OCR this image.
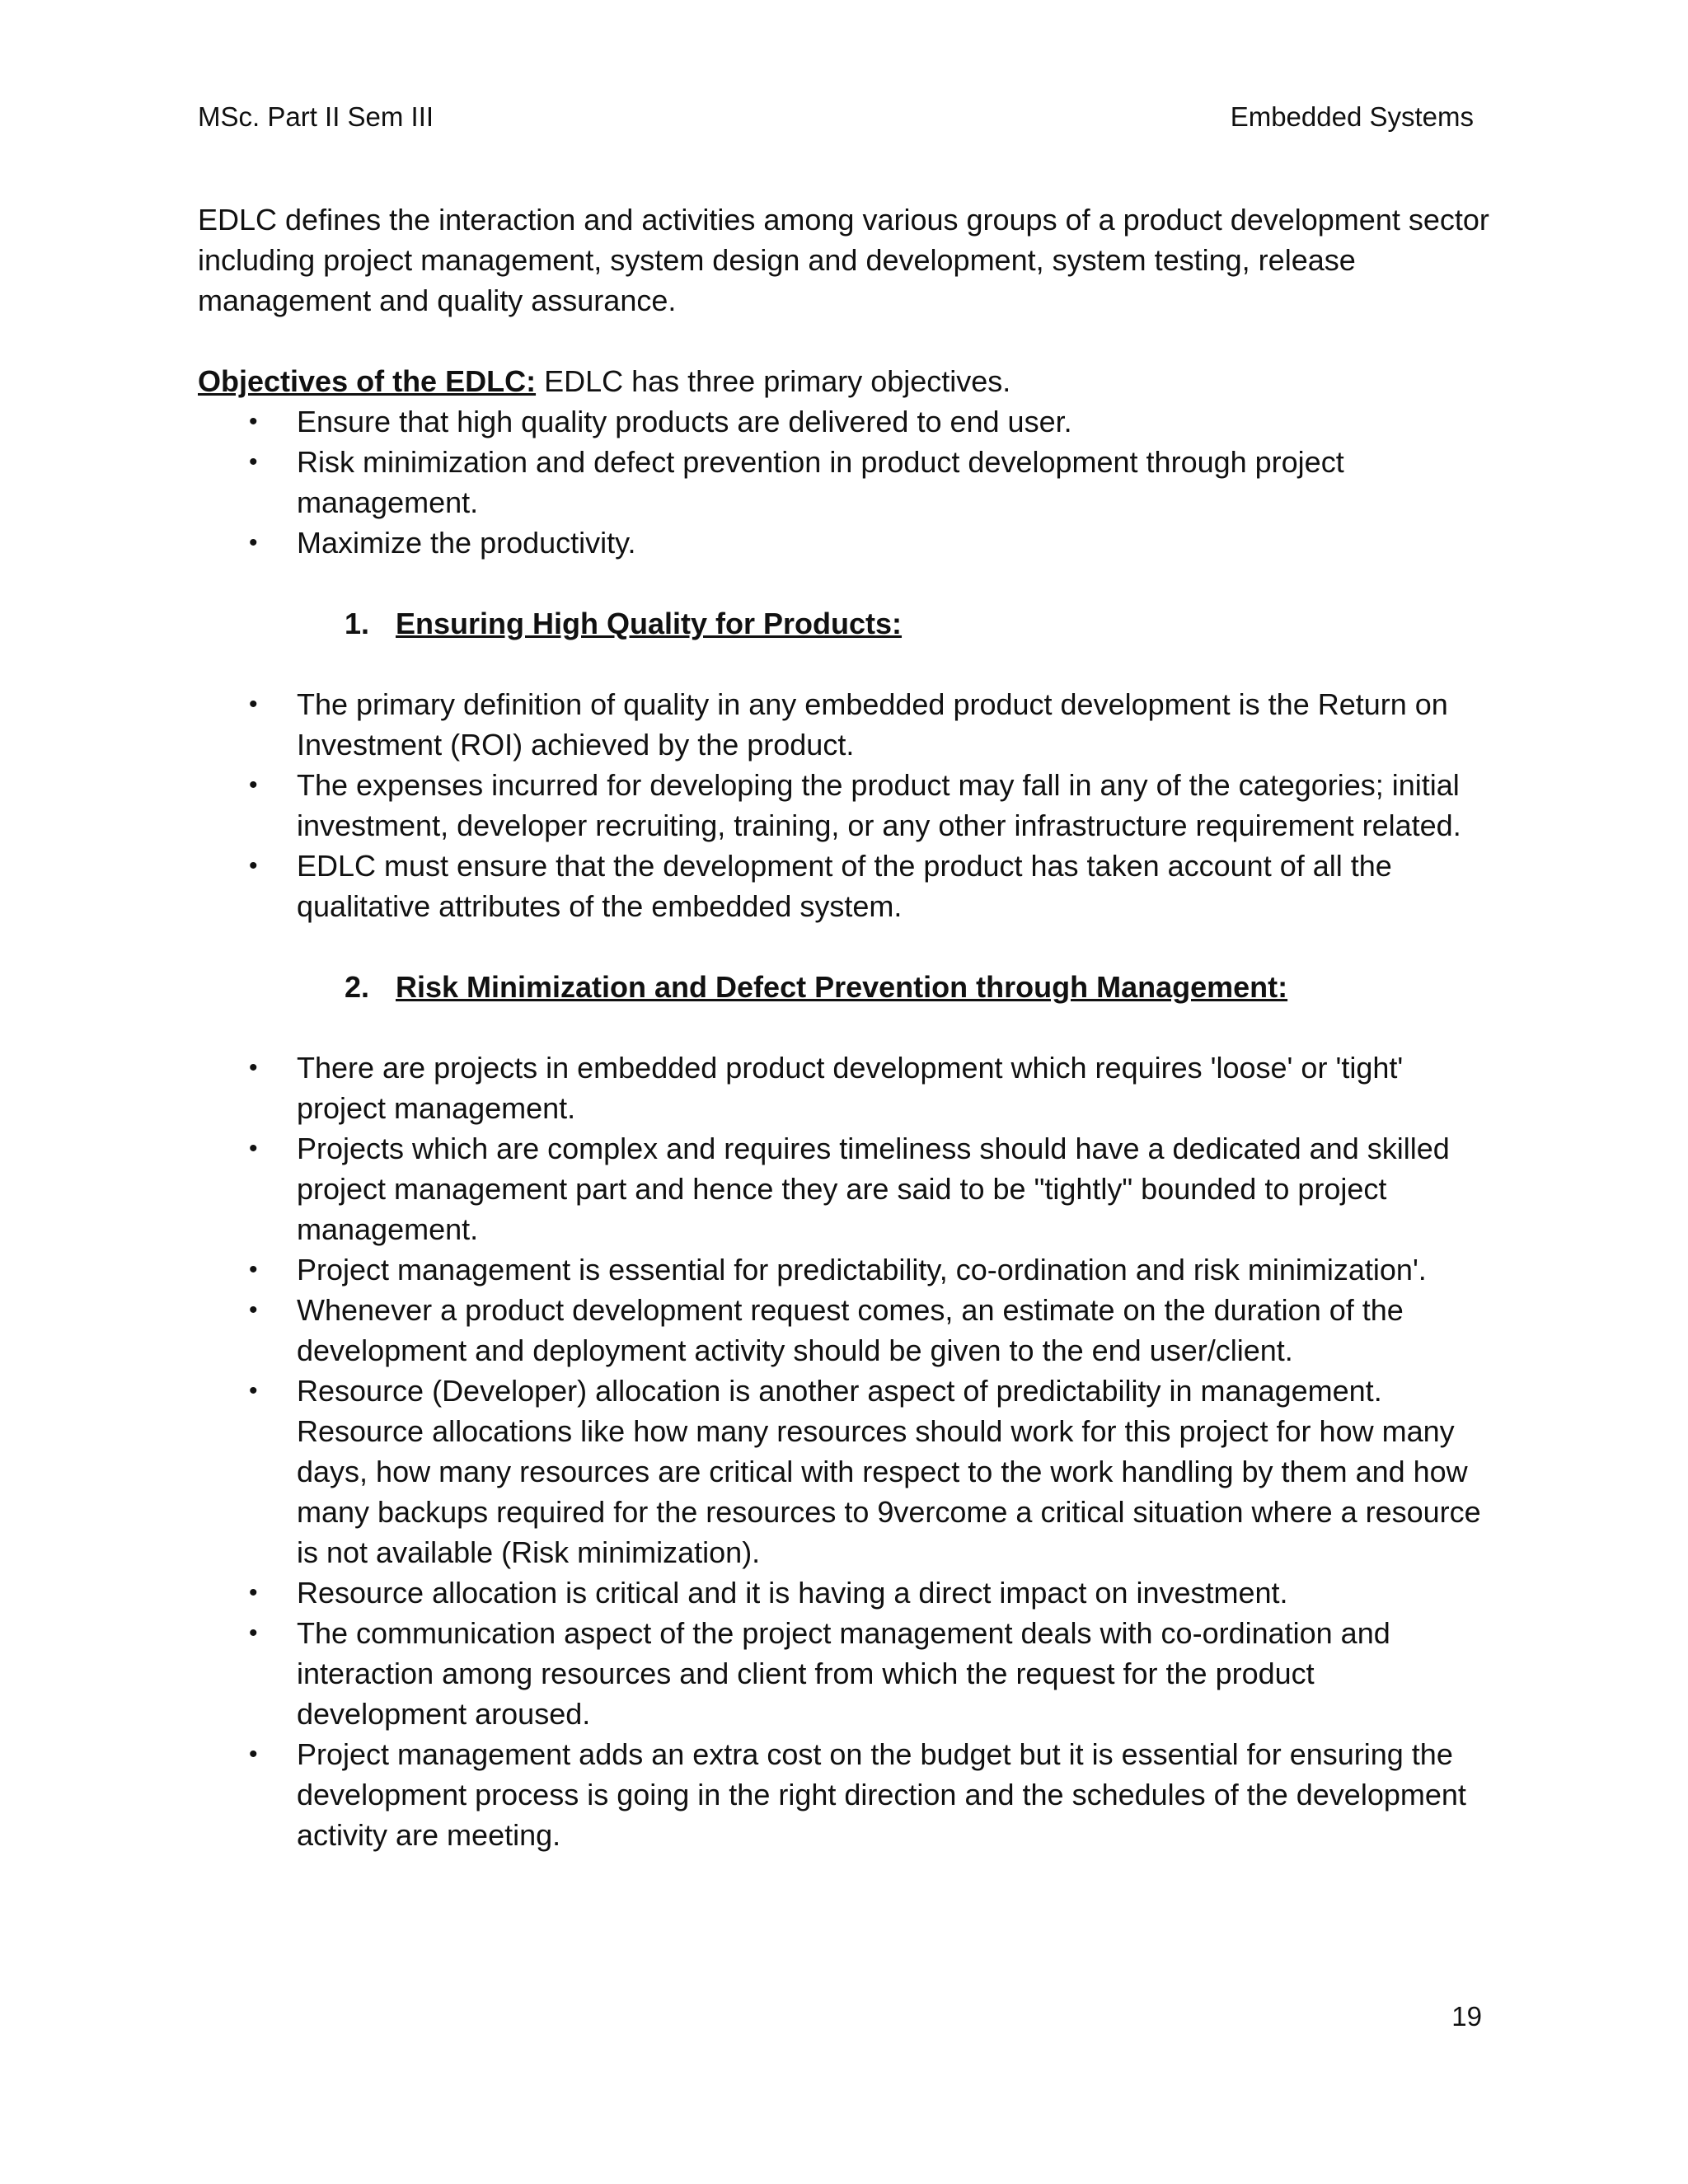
MSc. Part II Sem III	Embedded Systems

EDLC defines the interaction and activities among various groups of a product development sector including project management, system design and development, system testing, release management and quality assurance.

Objectives of the EDLC: EDLC has three primary objectives.

•	Ensure that high quality products are delivered to end user.
•	Risk minimization and defect prevention in product development through project management.
•	Maximize the productivity.

1. Ensuring High Quality for Products:

•	The primary definition of quality in any embedded product development is the Return on Investment (ROI) achieved by the product.
•	The expenses incurred for developing the product may fall in any of the categories; initial investment, developer recruiting, training, or any other infrastructure requirement related.
•	EDLC must ensure that the development of the product has taken account of all the qualitative attributes of the embedded system.

2. Risk Minimization and Defect Prevention through Management:

•	There are projects in embedded product development which requires 'loose' or 'tight' project management.
•	Projects which are complex and requires timeliness should have a dedicated and skilled project management part and hence they are said to be "tightly" bounded to project management.
•	Project management is essential for predictability, co-ordination and risk minimization'.
•	Whenever a product development request comes, an estimate on the duration of the development and deployment activity should be given to the end user/client.
•	Resource (Developer) allocation is another aspect of predictability in management. Resource allocations like how many resources should work for this project for how many days, how many resources are critical with respect to the work handling by them and how many backups required for the resources to 9vercome a critical situation where a resource is not available (Risk minimization).
•	Resource allocation is critical and it is having a direct impact on investment.
•	The communication aspect of the project management deals with co-ordination and interaction among resources and client from which the request for the product development aroused.
•	Project management adds an extra cost on the budget but it is essential for ensuring the development process is going in the right direction and the schedules of the development activity are meeting.
19
